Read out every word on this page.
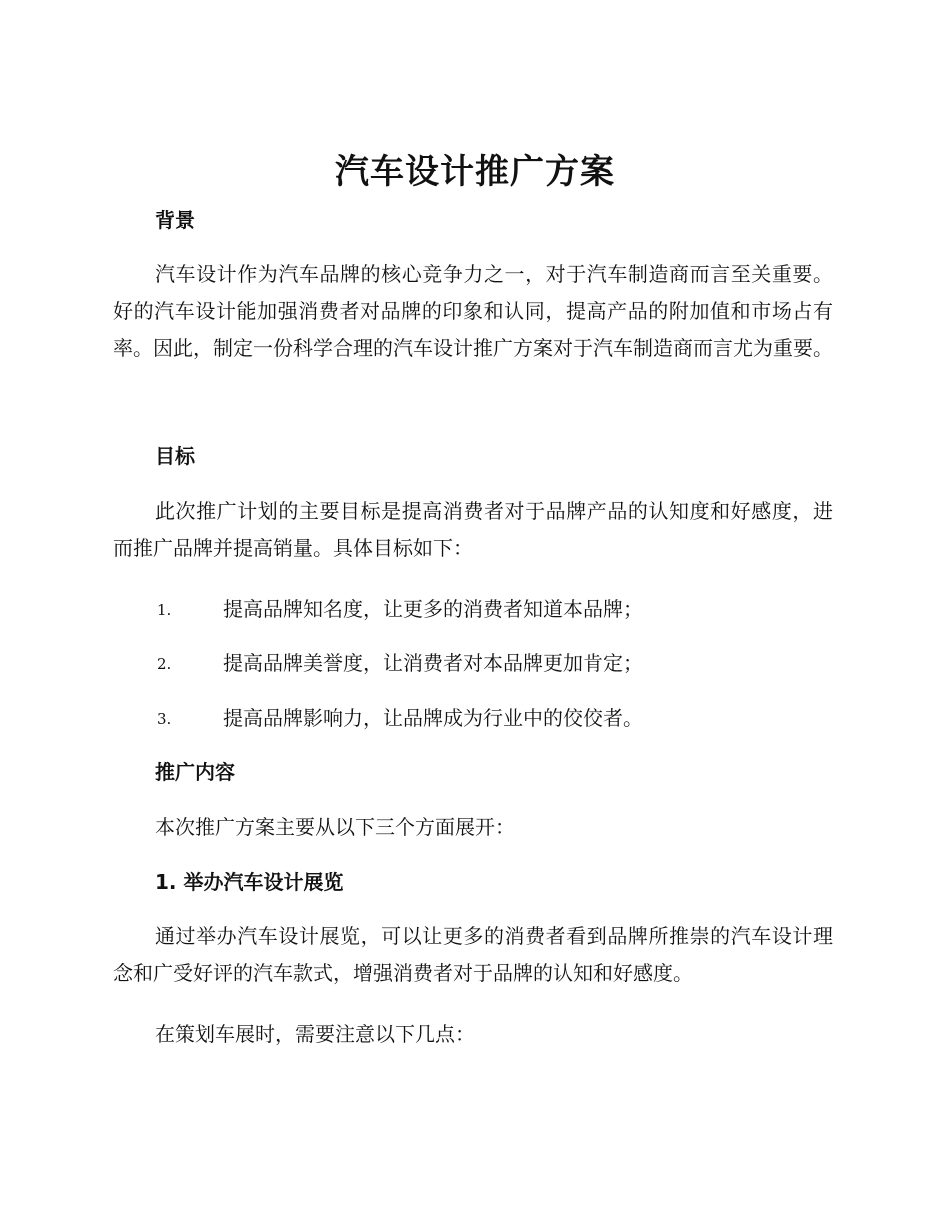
汽车设计推广方案
背景
汽车设计作为汽车品牌的核心竞争力之一，对于汽车制造商而言至关重要。好的汽车设计能加强消费者对品牌的印象和认同，提高产品的附加值和市场占有率。因此，制定一份科学合理的汽车设计推广方案对于汽车制造商而言尤为重要。
目标
此次推广计划的主要目标是提高消费者对于品牌产品的认知度和好感度，进而推广品牌并提高销量。具体目标如下：
1.	提高品牌知名度，让更多的消费者知道本品牌；
2.	提高品牌美誉度，让消费者对本品牌更加肯定；
3.	提高品牌影响力，让品牌成为行业中的佼佼者。
推广内容
本次推广方案主要从以下三个方面展开：
1. 举办汽车设计展览
通过举办汽车设计展览，可以让更多的消费者看到品牌所推崇的汽车设计理念和广受好评的汽车款式，增强消费者对于品牌的认知和好感度。
在策划车展时，需要注意以下几点：
